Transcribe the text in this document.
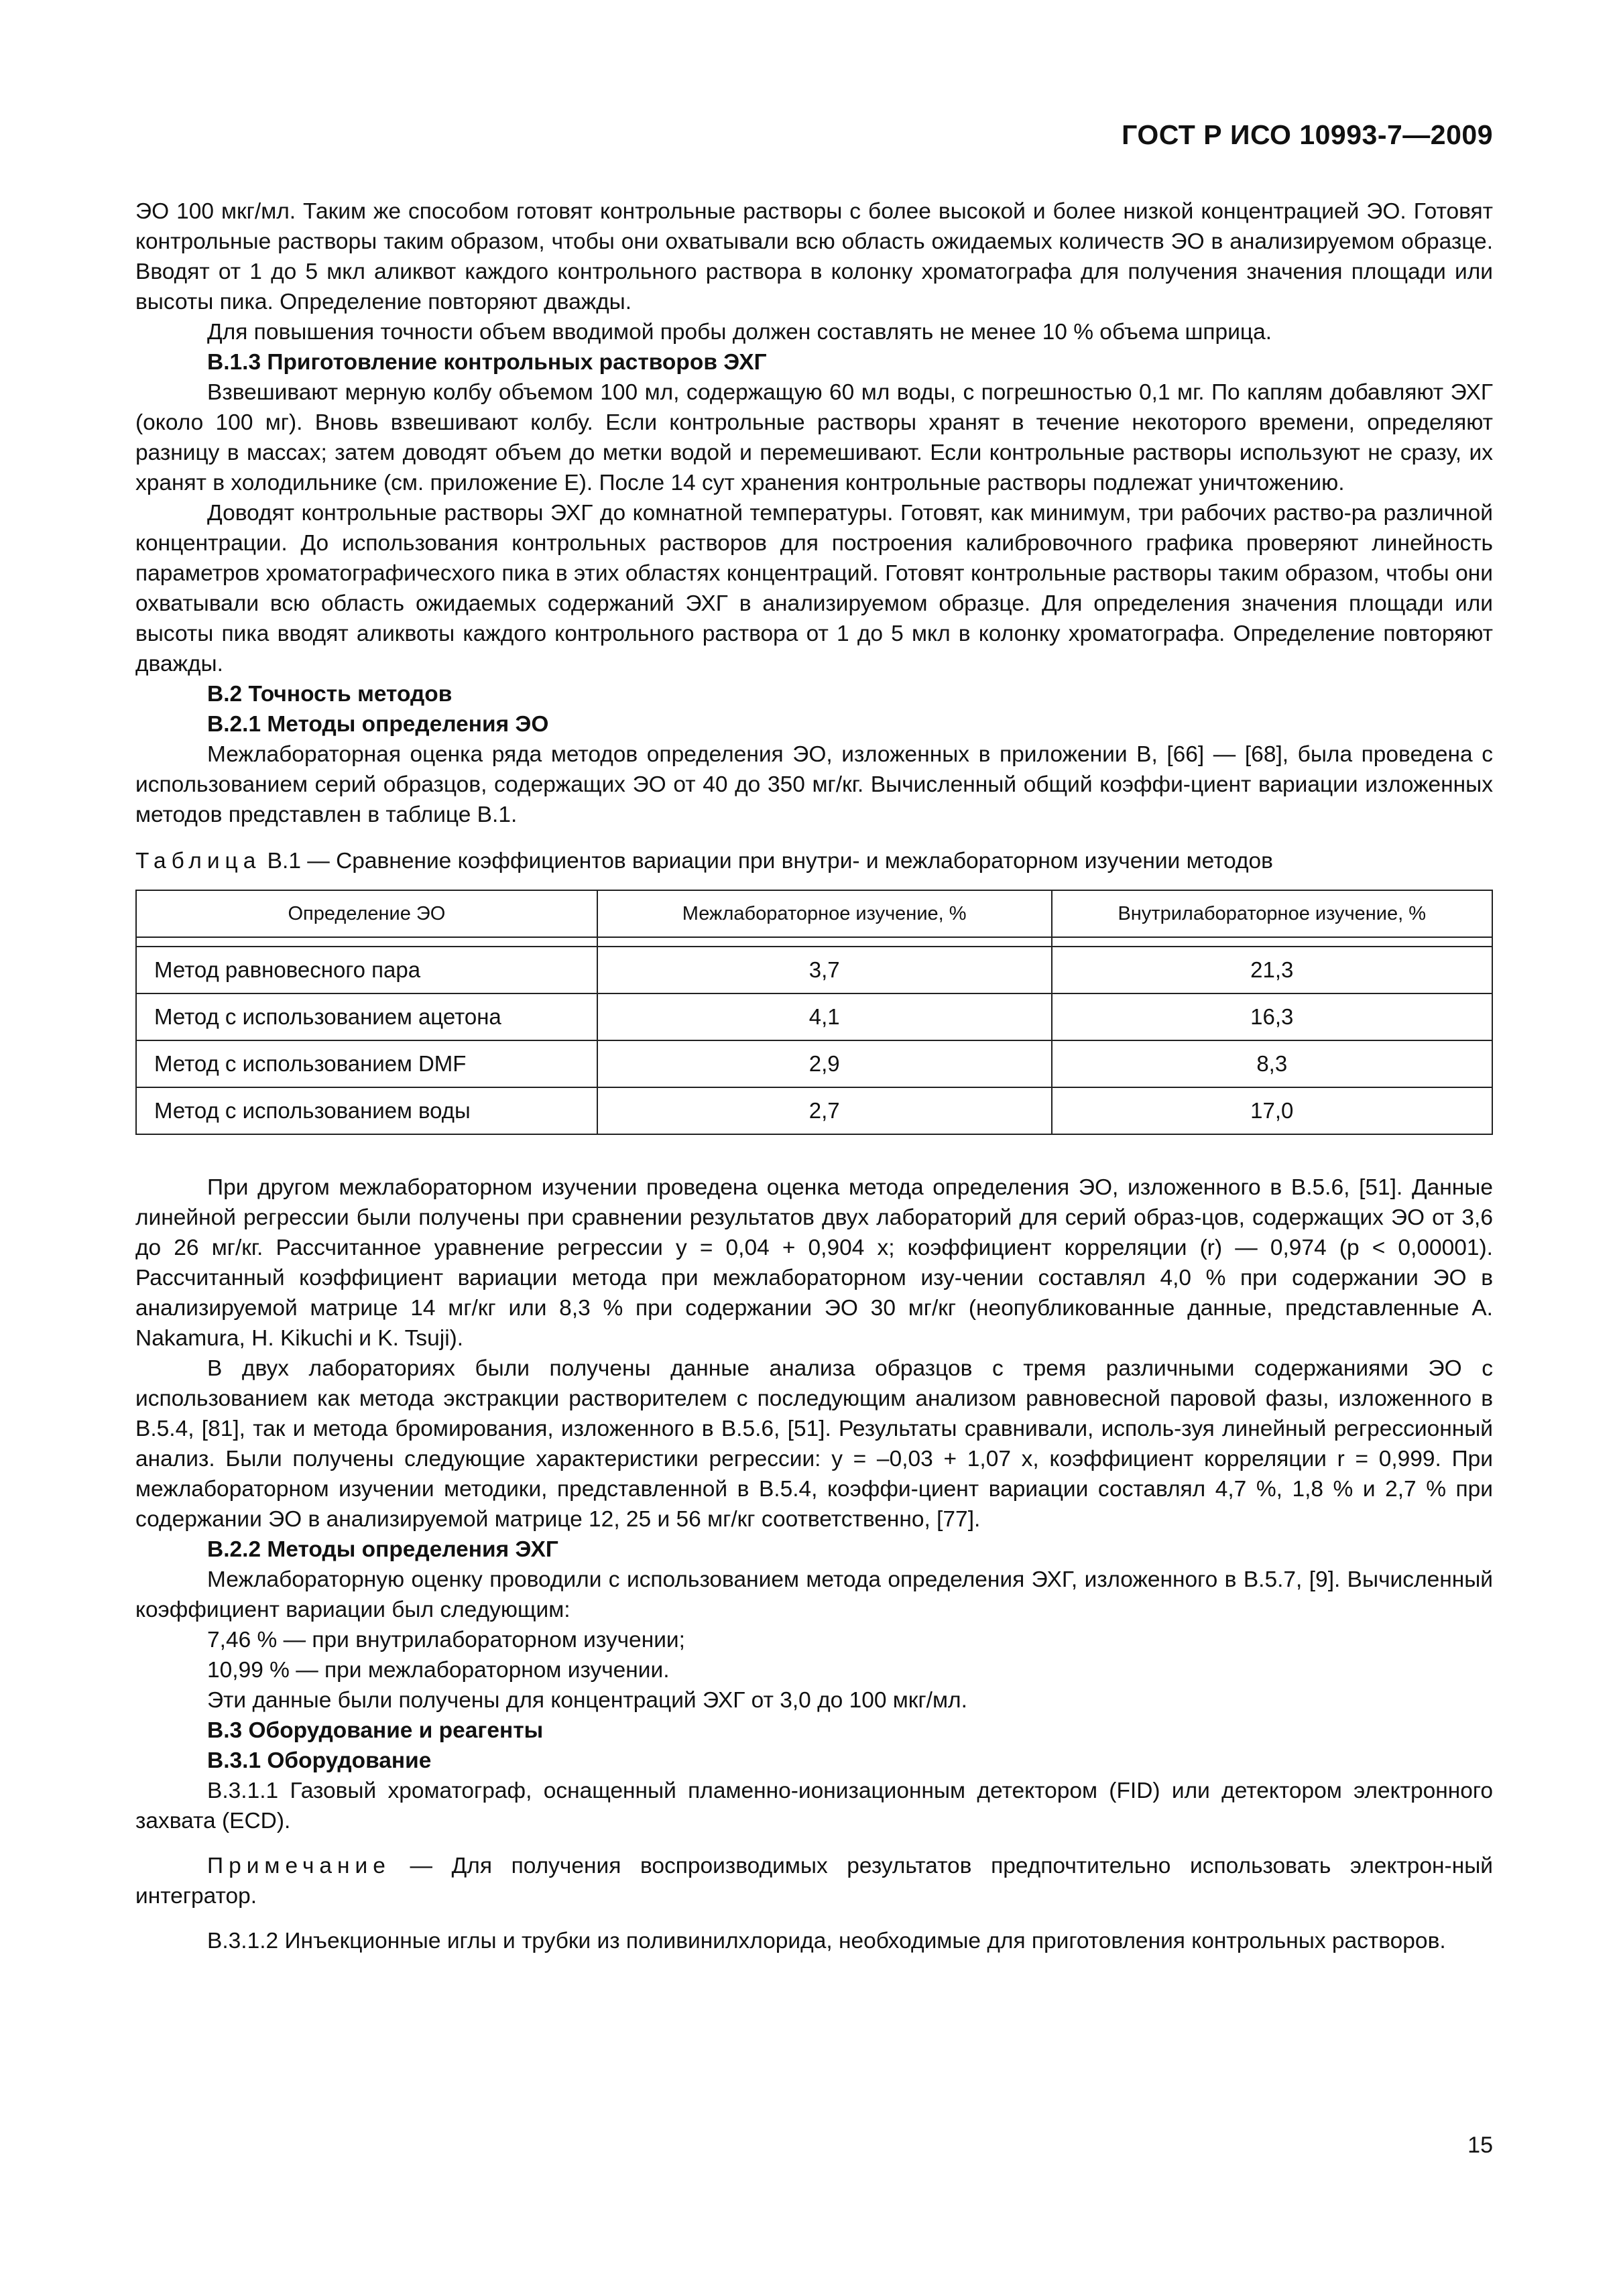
ГОСТ Р ИСО 10993-7—2009

ЭО 100 мкг/мл. Таким же способом готовят контрольные растворы с более высокой и более низкой концентрацией ЭО. Готовят контрольные растворы таким образом, чтобы они охватывали всю область ожидаемых количеств ЭО в анализируемом образце. Вводят от 1 до 5 мкл аликвот каждого контрольного раствора в колонку хроматографа для получения значения площади или высоты пика. Определение повторяют дважды.

Для повышения точности объем вводимой пробы должен составлять не менее 10 % объема шприца.

В.1.3 Приготовление контрольных растворов ЭХГ

Взвешивают мерную колбу объемом 100 мл, содержащую 60 мл воды, с погрешностью 0,1 мг. По каплям добавляют ЭХГ (около 100 мг). Вновь взвешивают колбу. Если контрольные растворы хранят в течение некоторого времени, определяют разницу в массах; затем доводят объем до метки водой и перемешивают. Если контрольные растворы используют не сразу, их хранят в холодильнике (см. приложение Е). После 14 сут хранения контрольные растворы подлежат уничтожению.

Доводят контрольные растворы ЭХГ до комнатной температуры. Готовят, как минимум, три рабочих раство-ра различной концентрации. До использования контрольных растворов для построения калибровочного графика проверяют линейность параметров хроматографичесхого пика в этих областях концентраций. Готовят контрольные растворы таким образом, чтобы они охватывали всю область ожидаемых содержаний ЭХГ в анализируемом образце. Для определения значения площади или высоты пика вводят аликвоты каждого контрольного раствора от 1 до 5 мкл в колонку хроматографа. Определение повторяют дважды.

В.2 Точность методов

В.2.1 Методы определения ЭО

Межлабораторная оценка ряда методов определения ЭО, изложенных в приложении В, [66] — [68], была проведена с использованием серий образцов, содержащих ЭО от 40 до 350 мг/кг. Вычисленный общий коэффи-циент вариации изложенных методов представлен в таблице В.1.

Таблица В.1 — Сравнение коэффициентов вариации при внутри- и межлабораторном изучении методов
Определение ЭО	Межлабораторное изучение, %	Внутрилабораторное изучение, %

Метод равновесного пара	3,7	21,3
Метод с использованием ацетона	4,1	16,3
Метод с использованием DMF	2,9	8,3
Метод с использованием воды	2,7	17,0

При другом межлабораторном изучении проведена оценка метода определения ЭО, изложенного в В.5.6, [51]. Данные линейной регрессии были получены при сравнении результатов двух лабораторий для серий образ-цов, содержащих ЭО от 3,6 до 26 мг/кг. Рассчитанное уравнение регрессии y = 0,04 + 0,904 x; коэффициент корреляции (r) — 0,974 (p < 0,00001). Рассчитанный коэффициент вариации метода при межлабораторном изу-чении составлял 4,0 % при содержании ЭО в анализируемой матрице 14 мг/кг или 8,3 % при содержании ЭО 30 мг/кг (неопубликованные данные, представленные А. Nakamura, Н. Kikuchi и K. Tsuji).

В двух лабораториях были получены данные анализа образцов с тремя различными содержаниями ЭО с использованием как метода экстракции растворителем с последующим анализом равновесной паровой фазы, изложенного в В.5.4, [81], так и метода бромирования, изложенного в В.5.6, [51]. Результаты сравнивали, исполь-зуя линейный регрессионный анализ. Были получены следующие характеристики регрессии: y = –0,03 + 1,07 x, коэффициент корреляции r = 0,999. При межлабораторном изучении методики, представленной в В.5.4, коэффи-циент вариации составлял 4,7 %, 1,8 % и 2,7 % при содержании ЭО в анализируемой матрице 12, 25 и 56 мг/кг соответственно, [77].

В.2.2 Методы определения ЭХГ

Межлабораторную оценку проводили с использованием метода определения ЭХГ, изложенного в В.5.7, [9]. Вычисленный коэффициент вариации был следующим:

7,46 % — при внутрилабораторном изучении;

10,99 % — при межлабораторном изучении.

Эти данные были получены для концентраций ЭХГ от 3,0 до 100 мкг/мл.

В.3 Оборудование и реагенты

В.3.1 Оборудование

В.3.1.1 Газовый хроматограф, оснащенный пламенно-ионизационным детектором (FID) или детектором электронного захвата (ECD).

Примечание — Для получения воспроизводимых результатов предпочтительно использовать электрон-ный интегратор.

В.3.1.2 Инъекционные иглы и трубки из поливинилхлорида, необходимые для приготовления контрольных растворов.

15
